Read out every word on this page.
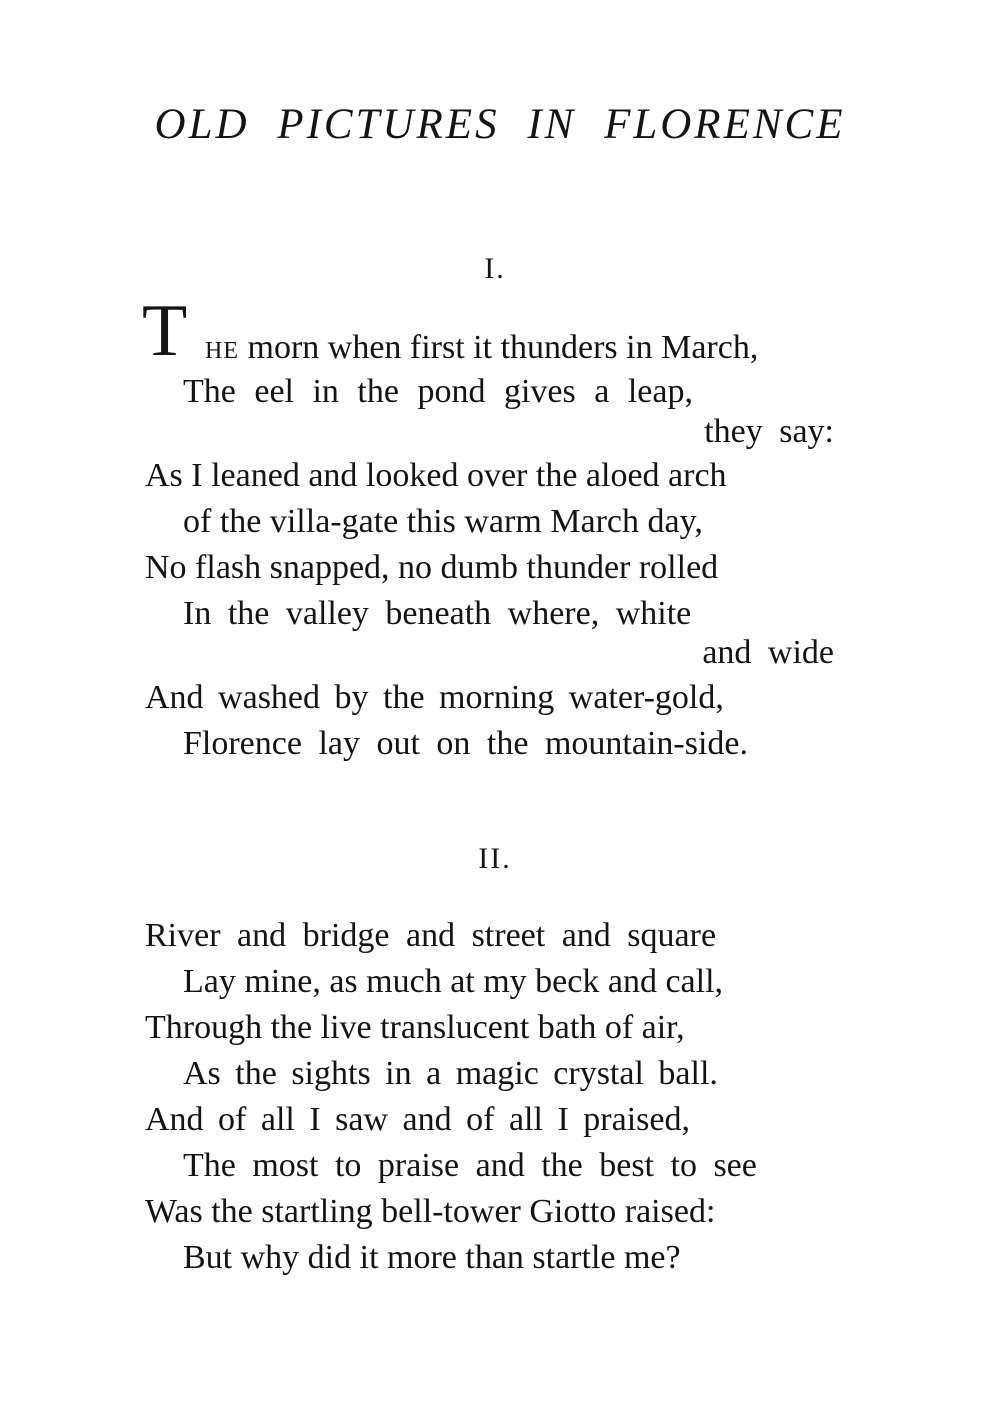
OLD PICTURES IN FLORENCE
I.
T HE morn when first it thunders in March,
The eel in the pond gives a leap,
they say:
As I leaned and looked over the aloed arch
of the villa-gate this warm March day,
No flash snapped, no dumb thunder rolled
In the valley beneath where, white
and wide
And washed by the morning water-gold,
Florence lay out on the mountain-side.
II.
River and bridge and street and square
Lay mine, as much at my beck and call,
Through the live translucent bath of air,
As the sights in a magic crystal ball.
And of all I saw and of all I praised,
The most to praise and the best to see
Was the startling bell-tower Giotto raised:
But why did it more than startle me?
